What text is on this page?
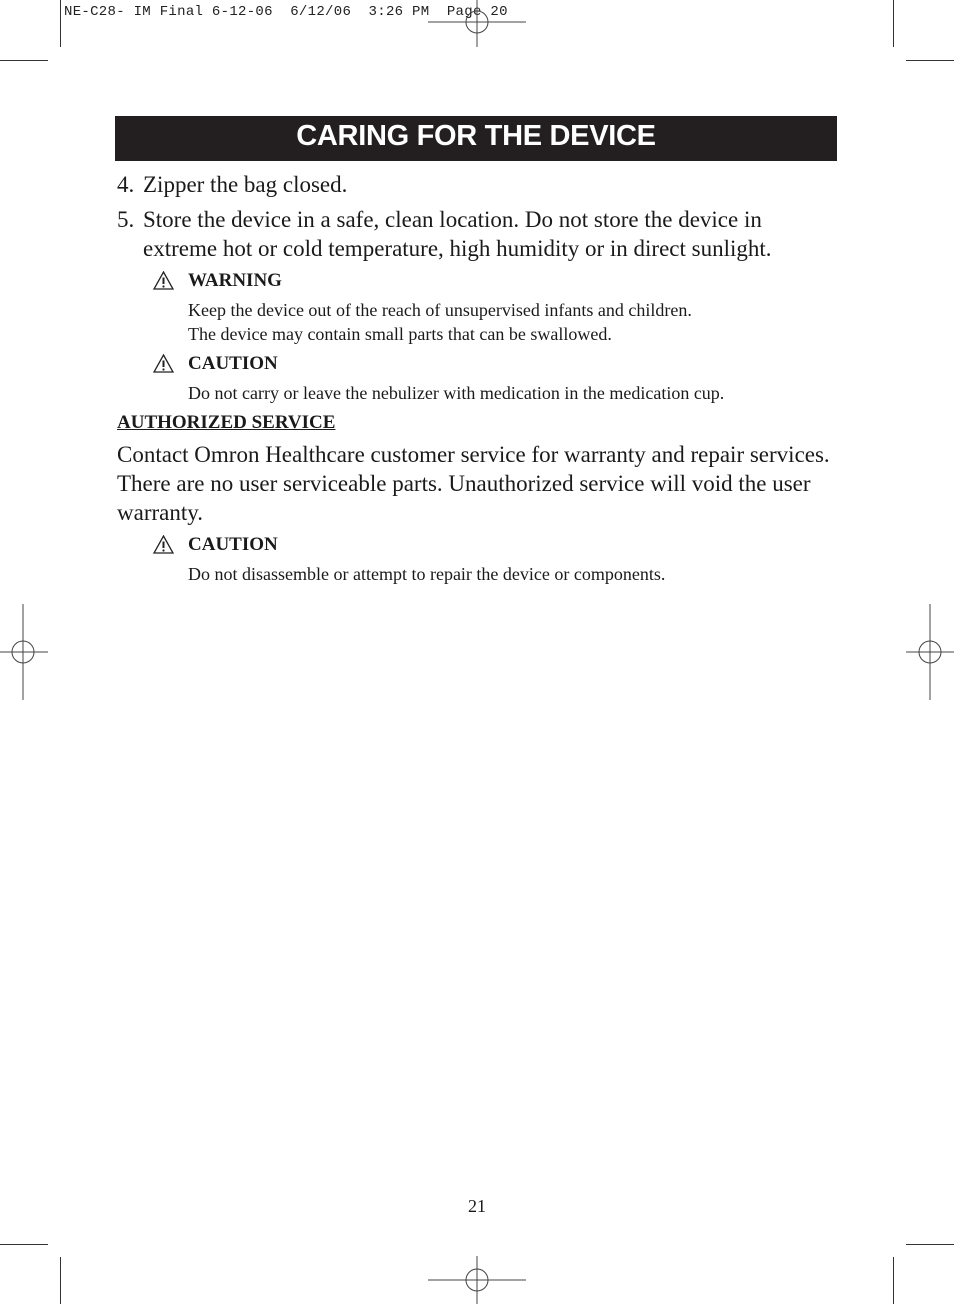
NE-C28- IM Final 6-12-06  6/12/06  3:26 PM  Page 20
CARING FOR THE DEVICE
4. Zipper the bag closed.
5. Store the device in a safe, clean location. Do not store the device in extreme hot or cold temperature, high humidity or in direct sunlight.
WARNING
Keep the device out of the reach of unsupervised infants and children.
The device may contain small parts that can be swallowed.
CAUTION
Do not carry or leave the nebulizer with medication in the medication cup.
AUTHORIZED SERVICE
Contact Omron Healthcare customer service for warranty and repair services. There are no user serviceable parts. Unauthorized service will void the user warranty.
CAUTION
Do not disassemble or attempt to repair the device or components.
21
